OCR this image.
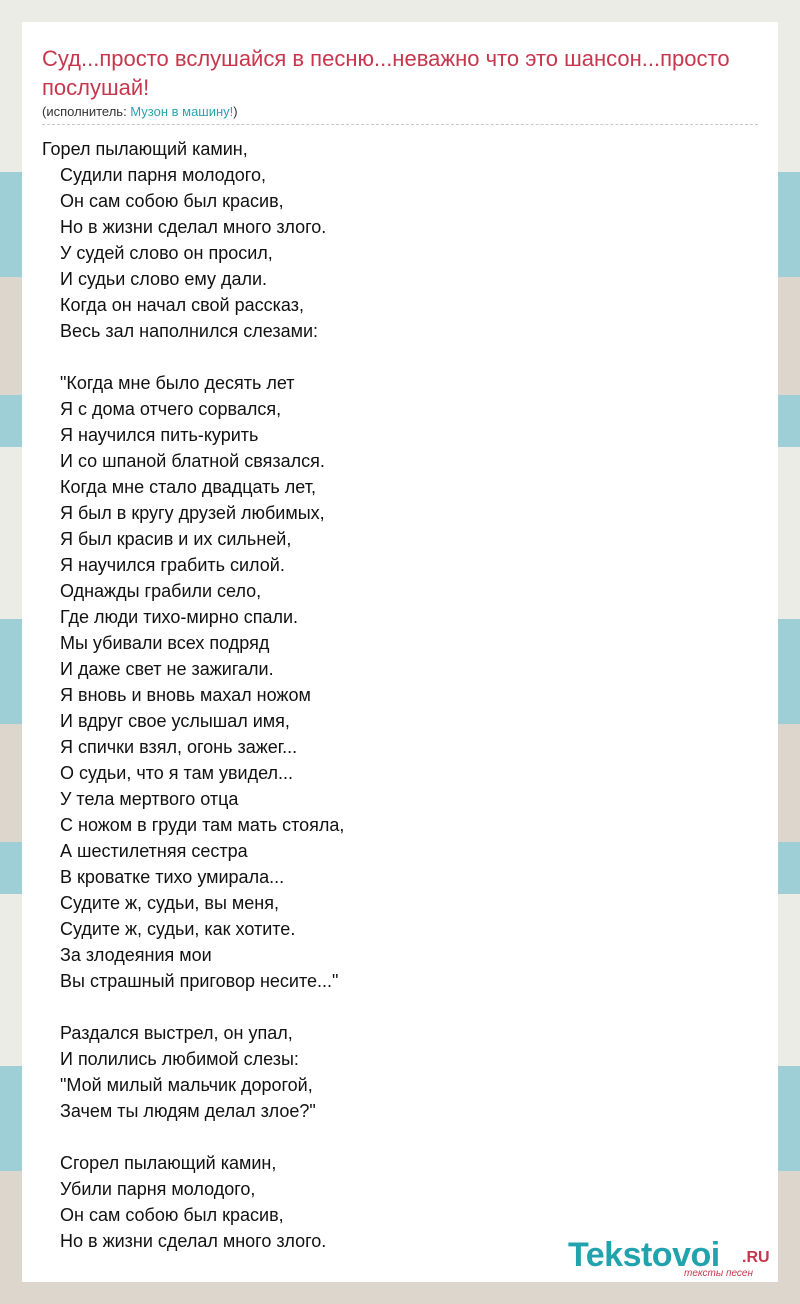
Суд...просто вслушайся в песню...неважно что это шансон...просто послушай!
(исполнитель: Музон в машину!)
Горел пылающий камин,
Судили парня молодого,
Он сам собою был красив,
Но в жизни сделал много злого.
У судей слово он просил,
И судьи слово ему дали.
Когда он начал свой рассказ,
Весь зал наполнился слезами:
"Когда мне было десять лет
Я с дома отчего сорвался,
Я научился пить-курить
И со шпаной блатной связался.
Когда мне стало двадцать лет,
Я был в кругу друзей любимых,
Я был красив и их сильней,
Я научился грабить силой.
Однажды грабили село,
Где люди тихо-мирно спали.
Мы убивали всех подряд
И даже свет не зажигали.
Я вновь и вновь махал ножом
И вдруг свое услышал имя,
Я спички взял, огонь зажег...
О судьи, что я там увидел...
У тела мертвого отца
С ножом в груди там мать стояла,
А шестилетняя сестра
В кроватке тихо умирала...
Судите ж, судьи, вы меня,
Судите ж, судьи, как хотите.
За злодеяния мои
Вы страшный приговор несите..."
Раздался выстрел, он упал,
И полились любимой слезы:
"Мой милый мальчик дорогой,
Зачем ты людям делал злое?"
Сгорел пылающий камин,
Убили парня молодого,
Он сам собою был красив,
Но в жизни сделал много злого.	Tekstovoi .RU
тексты песен
